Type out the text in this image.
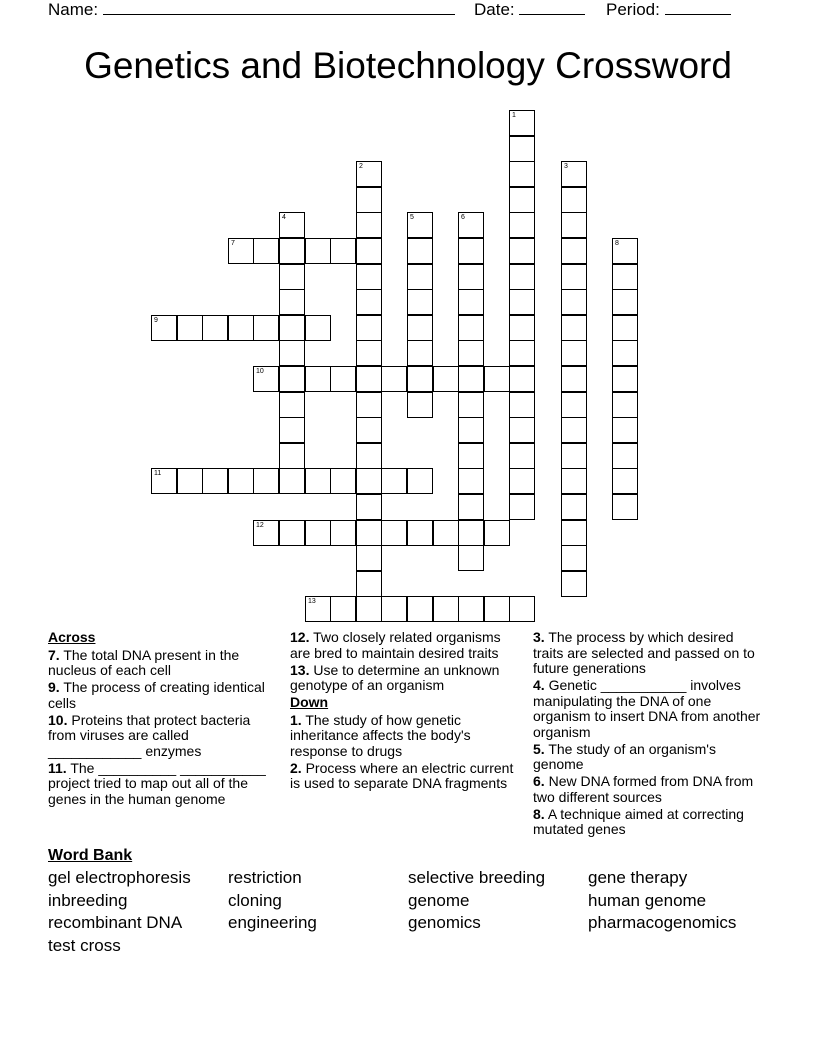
Name:	Date:	Period:
Genetics and Biotechnology Crossword
1
2	3
4	5	6
7	8
9
10
11
12
13
Across
7. The total DNA present in the nucleus of each cell
9. The process of creating identical cells
10. Proteins that protect bacteria from viruses are called ____________ enzymes
11. The __________ ___________ project tried to map out all of the genes in the human genome
12. Two closely related organisms are bred to maintain desired traits
13. Use to determine an unknown genotype of an organism
Down
1. The study of how genetic inheritance affects the body's response to drugs
2. Process where an electric current is used to separate DNA fragments
3. The process by which desired traits are selected and passed on to future generations
4. Genetic ___________ involves manipulating the DNA of one organism to insert DNA from another organism
5. The study of an organism's genome
6. New DNA formed from DNA from two different sources
8. A technique aimed at correcting mutated genes
Word Bank
gel electrophoresis	restriction	selective breeding	gene therapy
inbreeding	cloning	genome	human genome
recombinant DNA	engineering	genomics	pharmacogenomics
test cross
